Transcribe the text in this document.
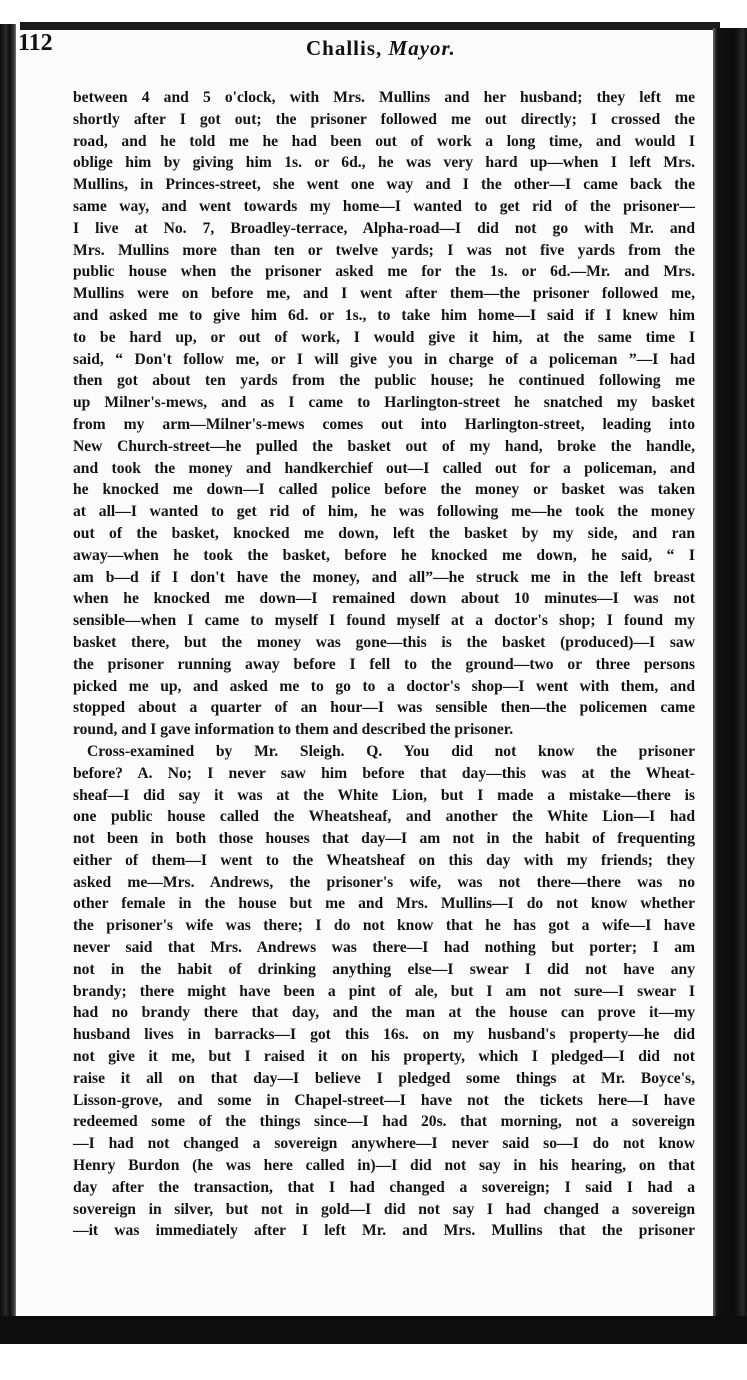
112	Challis, Mayor.
between 4 and 5 o'clock, with Mrs. Mullins and her husband; they left me
shortly after I got out; the prisoner followed me out directly; I crossed the
road, and he told me he had been out of work a long time, and would I
oblige him by giving him 1s. or 6d., he was very hard up—when I left Mrs.
Mullins, in Princes-street, she went one way and I the other—I came back the
same way, and went towards my home—I wanted to get rid of the prisoner—
I live at No. 7, Broadley-terrace, Alpha-road—I did not go with Mr. and
Mrs. Mullins more than ten or twelve yards; I was not five yards from the
public house when the prisoner asked me for the 1s. or 6d.—Mr. and Mrs.
Mullins were on before me, and I went after them—the prisoner followed me,
and asked me to give him 6d. or 1s., to take him home—I said if I knew him
to be hard up, or out of work, I would give it him, at the same time I
said, “ Don't follow me, or I will give you in charge of a policeman ”—I had
then got about ten yards from the public house; he continued following me
up Milner's-mews, and as I came to Harlington-street he snatched my basket
from my arm—Milner's-mews comes out into Harlington-street, leading into
New Church-street—he pulled the basket out of my hand, broke the handle,
and took the money and handkerchief out—I called out for a policeman, and
he knocked me down—I called police before the money or basket was taken
at all—I wanted to get rid of him, he was following me—he took the money
out of the basket, knocked me down, left the basket by my side, and ran
away—when he took the basket, before he knocked me down, he said, “ I
am b—d if I don't have the money, and all”—he struck me in the left breast
when he knocked me down—I remained down about 10 minutes—I was not
sensible—when I came to myself I found myself at a doctor's shop; I found my
basket there, but the money was gone—this is the basket (produced)—I saw
the prisoner running away before I fell to the ground—two or three persons
picked me up, and asked me to go to a doctor's shop—I went with them, and
stopped about a quarter of an hour—I was sensible then—the policemen came
round, and I gave information to them and described the prisoner.
Cross-examined by Mr. Sleigh. Q. You did not know the prisoner
before? A. No; I never saw him before that day—this was at the Wheat-
sheaf—I did say it was at the White Lion, but I made a mistake—there is
one public house called the Wheatsheaf, and another the White Lion—I had
not been in both those houses that day—I am not in the habit of frequenting
either of them—I went to the Wheatsheaf on this day with my friends; they
asked me—Mrs. Andrews, the prisoner's wife, was not there—there was no
other female in the house but me and Mrs. Mullins—I do not know whether
the prisoner's wife was there; I do not know that he has got a wife—I have
never said that Mrs. Andrews was there—I had nothing but porter; I am
not in the habit of drinking anything else—I swear I did not have any
brandy; there might have been a pint of ale, but I am not sure—I swear I
had no brandy there that day, and the man at the house can prove it—my
husband lives in barracks—I got this 16s. on my husband's property—he did
not give it me, but I raised it on his property, which I pledged—I did not
raise it all on that day—I believe I pledged some things at Mr. Boyce's,
Lisson-grove, and some in Chapel-street—I have not the tickets here—I have
redeemed some of the things since—I had 20s. that morning, not a sovereign
—I had not changed a sovereign anywhere—I never said so—I do not know
Henry Burdon (he was here called in)—I did not say in his hearing, on that
day after the transaction, that I had changed a sovereign; I said I had a
sovereign in silver, but not in gold—I did not say I had changed a sovereign
—it was immediately after I left Mr. and Mrs. Mullins that the prisoner
